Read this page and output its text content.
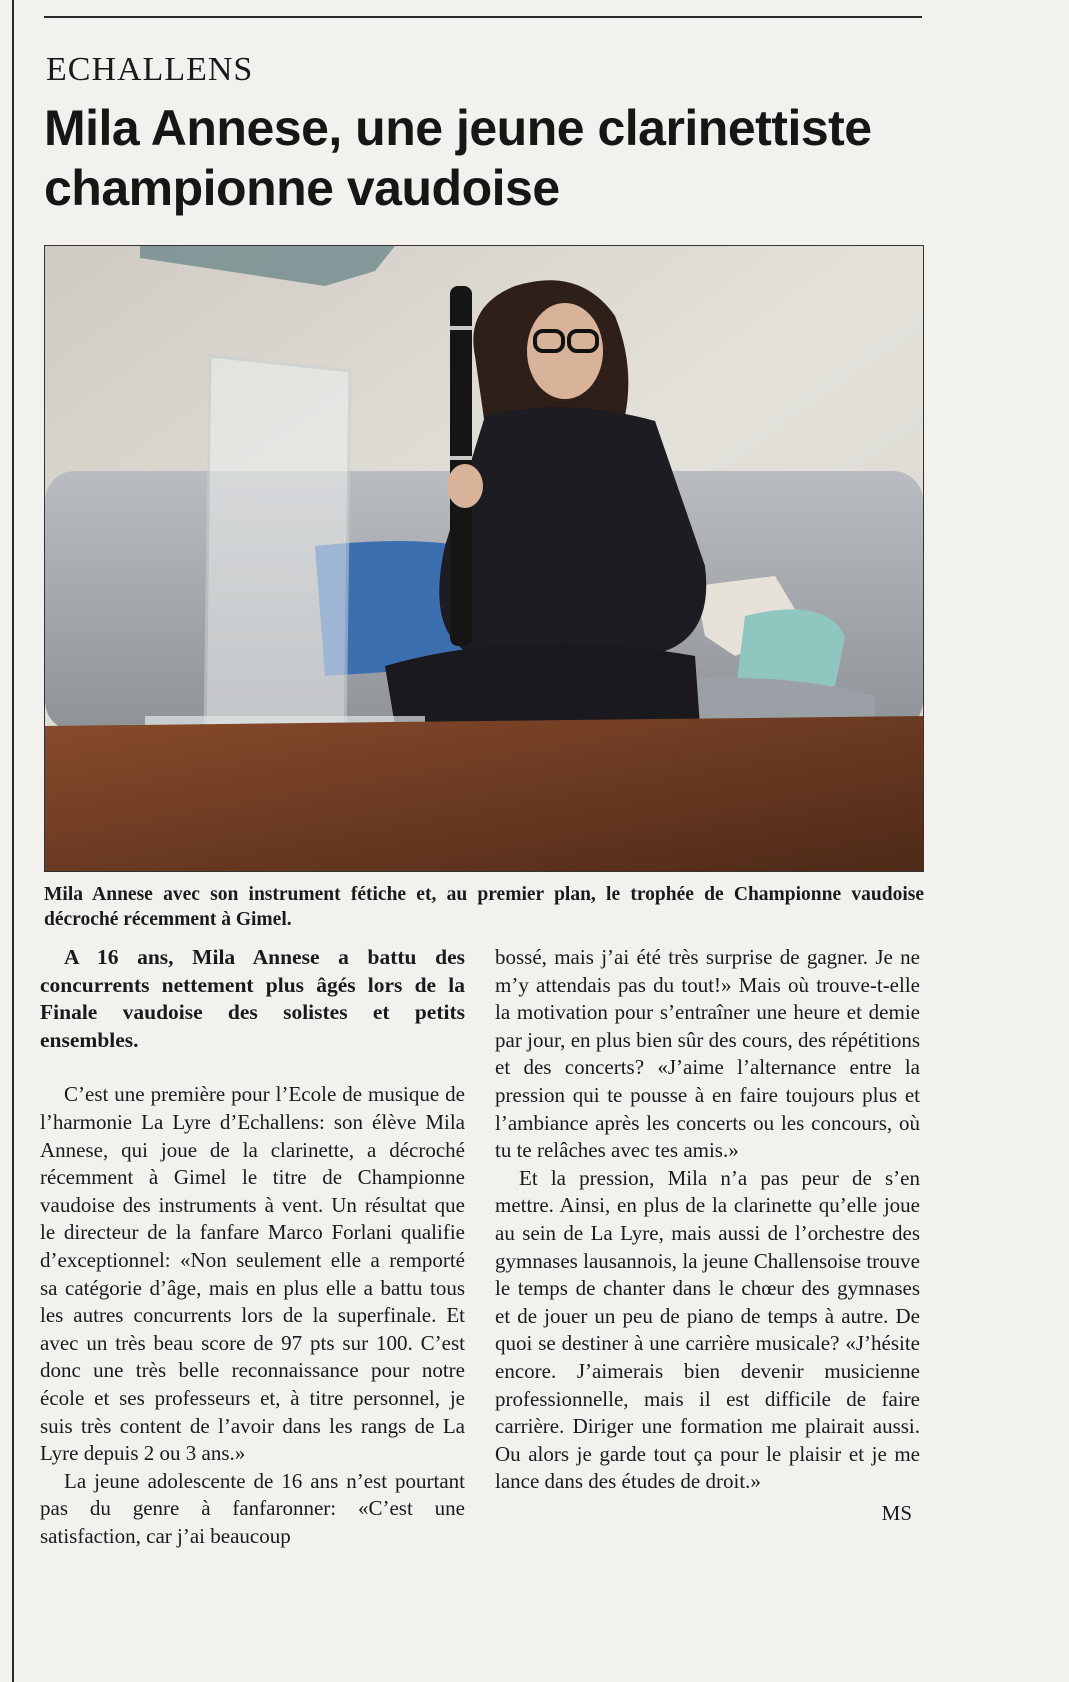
ECHALLENS
Mila Annese, une jeune clarinettiste
championne vaudoise
Mila Annese avec son instrument fétiche et, au premier plan, le trophée de Championne vaudoise décroché récemment à Gimel.

A 16 ans, Mila Annese a battu des concurrents nettement plus âgés lors de la Finale vaudoise des solistes et petits ensembles.

C’est une première pour l’Ecole de musique de l’harmonie La Lyre d’Echallens: son élève Mila Annese, qui joue de la clarinette, a décroché récemment à Gimel le titre de Championne vaudoise des instruments à vent. Un résultat que le directeur de la fanfare Marco Forlani qualifie d’exceptionnel: «Non seulement elle a remporté sa catégorie d’âge, mais en plus elle a battu tous les autres concurrents lors de la superfinale. Et avec un très beau score de 97 pts sur 100. C’est donc une très belle reconnaissance pour notre école et ses professeurs et, à titre personnel, je suis très content de l’avoir dans les rangs de La Lyre depuis 2 ou 3 ans.»

La jeune adolescente de 16 ans n’est pourtant pas du genre à fanfaronner: «C’est une satisfaction, car j’ai beaucoup

bossé, mais j’ai été très surprise de gagner. Je ne m’y attendais pas du tout!» Mais où trouve-t-elle la motivation pour s’entraîner une heure et demie par jour, en plus bien sûr des cours, des répétitions et des concerts? «J’aime l’alternance entre la pression qui te pousse à en faire toujours plus et l’ambiance après les concerts ou les concours, où tu te relâches avec tes amis.»

Et la pression, Mila n’a pas peur de s’en mettre. Ainsi, en plus de la clarinette qu’elle joue au sein de La Lyre, mais aussi de l’orchestre des gymnases lausannois, la jeune Challensoise trouve le temps de chanter dans le chœur des gymnases et de jouer un peu de piano de temps à autre. De quoi se destiner à une carrière musicale? «J’hésite encore. J’aimerais bien devenir musicienne professionnelle, mais il est difficile de faire carrière. Diriger une formation me plairait aussi. Ou alors je garde tout ça pour le plaisir et je me lance dans des études de droit.»

MS
